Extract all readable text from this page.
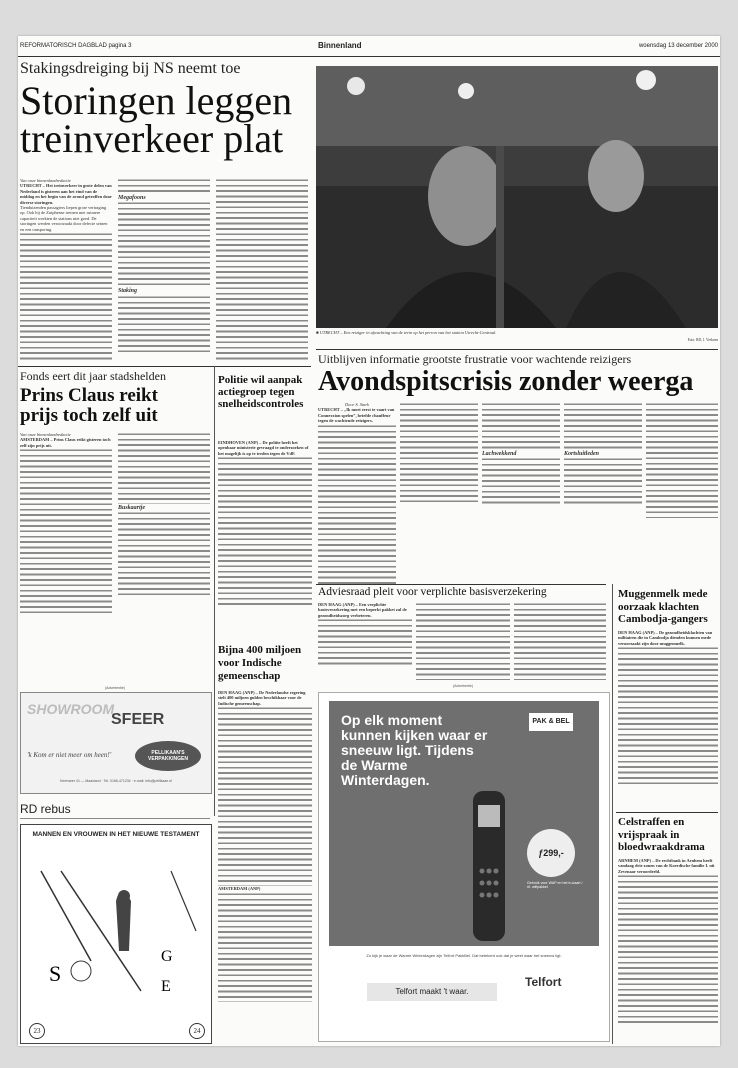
REFORMATORISCH DAGBLAD pagina 3	Binnenland	woensdag 13 december 2000
Stakingsdreiging bij NS neemt toe
Storingen leggen
treinverkeer plat
Van onze binnenlandredactie
UTRECHT – Het treinverkeer in grote delen van Nederland is gisteren aan het eind van de middag en het begin van de avond getroffen door diverse storingen.
Tienduizenden passagiers liepen grote vertraging op. Ook bij de Zutphense treinen met ruimere capaciteit werkten de stations niet goed. De storingen werden veroorzaakt door defecte seinen en een ontsporing.
Megafoons
Staking
■ UTRECHT – Een reiziger in afwachting van de trein op het perron van het station Utrecht-Centraal.
Foto: RD, J. Verkoen
Uitblijven informatie grootste frustratie voor wachtende reizigers
Avondspitscrisis zonder weerga
Door S. Stark
UTRECHT – „Ik moet eerst te vaart van Connexxion spelen”, briefde chauffeur tegen de wachtende reizigers.
Lachwekkend	Kortsluitleden
Fonds eert dit jaar stadshelden
Prins Claus reikt
prijs toch zelf uit
Van onze binnenlandredactie
AMSTERDAM – Prins Claus reikt gisteren toch zelf zijn prijs uit.
Buskaartje
Politie wil aanpak actiegroep tegen snelheidscontroles
EINDHOVEN (ANP) – De politie heeft het openbaar ministerie gevraagd te onderzoeken of het mogelijk is op te treden tegen de VdF.
Bijna 400 miljoen
voor Indische
gemeenschap
DEN HAAG (ANP) – De Nederlandse regering stelt 400 miljoen gulden beschikbaar voor de Indische gemeenschap.
AMSTERDAM (ANP)
(Advertentie)
SHOWROOM
SFEER
'k Kom er niet meer om heen!'	PELLIKAAN'S
VERPAKKINGEN
Keerweer 41 — Maasland · Tel. 0166-471234 · e-mail: info@pellikaan.nl
RD rebus
MANNEN EN VROUWEN IN HET NIEUWE TESTAMENT
S
G
E
23	24
Adviesraad pleit voor verplichte basisverzekering
DEN HAAG (ANP) – Een verplichte basisverzekering met een beperkt pakket zal de gezondheidszorg verbeteren.
(Advertentie)
Op elk moment kunnen kijken waar er sneeuw ligt. Tijdens de Warme Winterdagen.
PAK & BEL
ƒ299,-
Gebruik voor WAP en het in-kaart / rtl. wifipakket
Zo kijk je waar de Warme Winterdagen zijn Telfort PakkBel. Dat betekent ook dat je weet waar het sneeuw ligt.
Telfort maakt 't waar.
Telfort
Muggenmelk mede
oorzaak klachten
Cambodja-gangers
DEN HAAG (ANP) – De gezondheidsklachten van militairen die in Cambodja dienden kunnen mede veroorzaakt zijn door muggenmelk.
Celstraffen en
vrijspraak in
bloedwraakdrama
ARNHEM (ANP) – De rechtbank in Arnhem heeft vandaag drie zonen van de Koerdische familie I. uit Zevenaar veroordeeld.
